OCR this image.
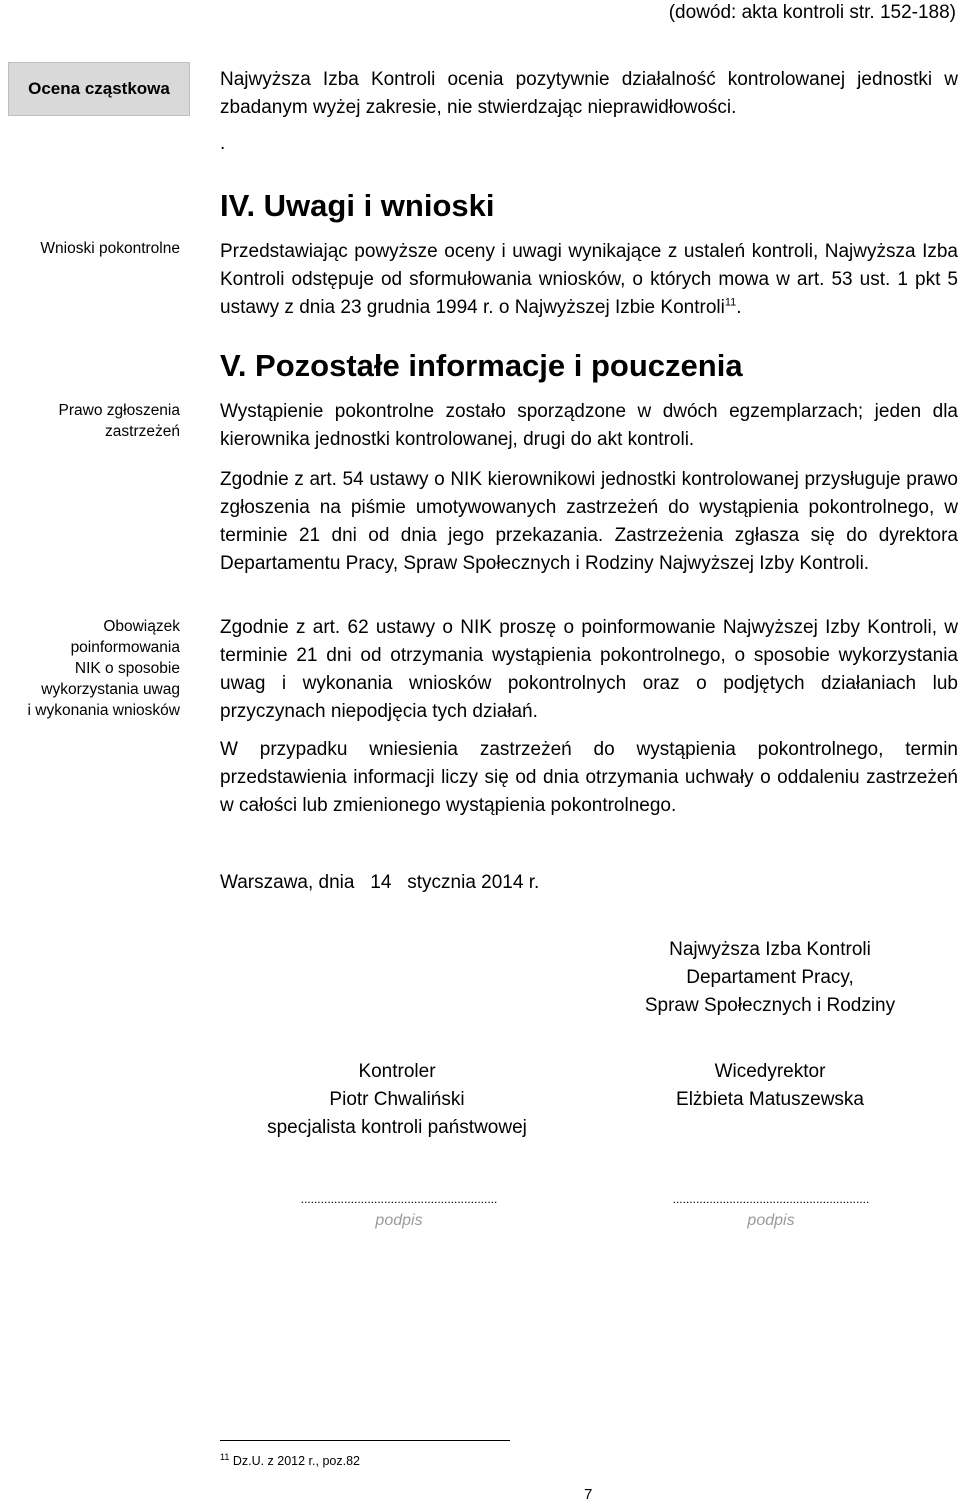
(dowód: akta kontroli str. 152-188)
Ocena cząstkowa
Wnioski pokontrolne
Prawo zgłoszenia
zastrzeżeń
Obowiązek
poinformowania
NIK o sposobie
wykorzystania uwag
i wykonania wniosków
Najwyższa Izba Kontroli ocenia pozytywnie działalność kontrolowanej jednostki w zbadanym wyżej zakresie, nie stwierdzając nieprawidłowości.
.
IV. Uwagi i wnioski
Przedstawiając powyższe oceny i uwagi wynikające z ustaleń kontroli, Najwyższa Izba Kontroli odstępuje od sformułowania wniosków, o których mowa w art. 53 ust. 1 pkt 5 ustawy z dnia 23 grudnia 1994 r. o Najwyższej Izbie Kontroli$^{11}$.
V. Pozostałe informacje i pouczenia
Wystąpienie pokontrolne zostało sporządzone w dwóch egzemplarzach; jeden dla kierownika jednostki kontrolowanej, drugi do akt kontroli.
Zgodnie z art. 54 ustawy o NIK kierownikowi jednostki kontrolowanej przysługuje prawo zgłoszenia na piśmie umotywowanych zastrzeżeń do wystąpienia pokontrolnego, w terminie 21 dni od dnia jego przekazania. Zastrzeżenia zgłasza się do dyrektora Departamentu Pracy, Spraw Społecznych i Rodziny Najwyższej Izby Kontroli.
Zgodnie z art. 62 ustawy o NIK proszę o poinformowanie Najwyższej Izby Kontroli, w terminie 21 dni od otrzymania wystąpienia pokontrolnego, o sposobie wykorzystania uwag i wykonania wniosków pokontrolnych oraz o podjętych działaniach lub przyczynach niepodjęcia tych działań.
W przypadku wniesienia zastrzeżeń do wystąpienia pokontrolnego, termin przedstawienia informacji liczy się od dnia otrzymania uchwały o oddaleniu zastrzeżeń w całości lub zmienionego wystąpienia pokontrolnego.
Warszawa, dnia   14   stycznia 2014 r.
Najwyższa Izba Kontroli
Departament Pracy,
Spraw Społecznych i Rodziny
Kontroler
Piotr Chwaliński
specjalista kontroli państwowej
Wicedyrektor
Elżbieta Matuszewska
...........................................................
podpis
...........................................................
podpis
$^{11}$ Dz.U. z 2012 r., poz.82
7
